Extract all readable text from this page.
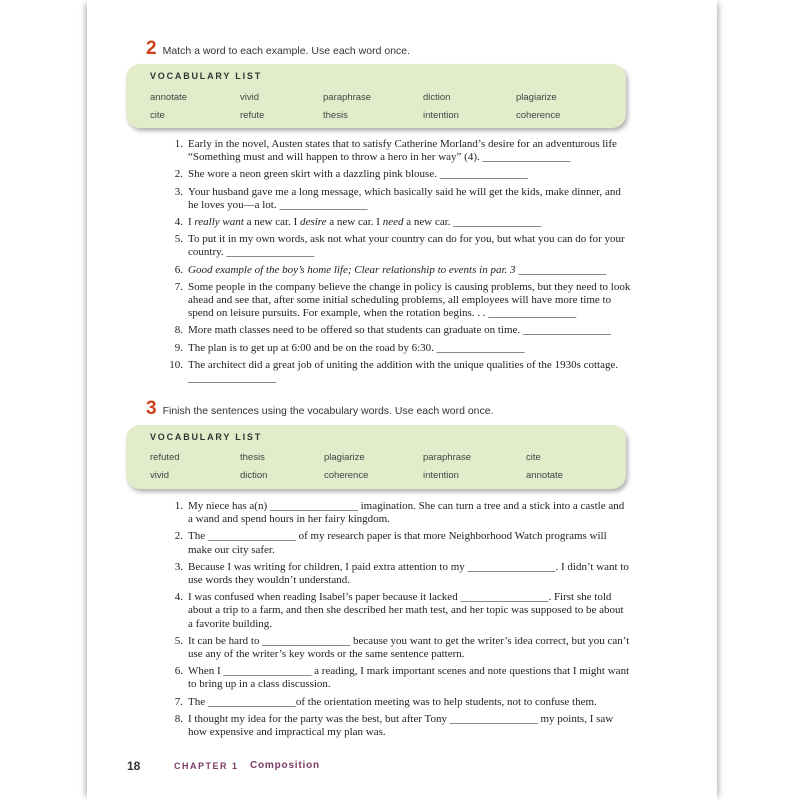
2 Match a word to each example. Use each word once.
VOCABULARY LIST
annotate	vivid	paraphrase	diction	plagiarize
cite	refute	thesis	intention	coherence
1. Early in the novel, Austen states that to satisfy Catherine Morland’s desire for an adventurous life “Something must and will happen to throw a hero in her way” (4). ________________
2. She wore a neon green skirt with a dazzling pink blouse. ________________
3. Your husband gave me a long message, which basically said he will get the kids, make dinner, and he loves you—a lot. ________________
4. I really want a new car. I desire a new car. I need a new car. ________________
5. To put it in my own words, ask not what your country can do for you, but what you can do for your country. ________________
6. Good example of the boy’s home life; Clear relationship to events in par. 3 ________________
7. Some people in the company believe the change in policy is causing problems, but they need to look ahead and see that, after some initial scheduling problems, all employees will have more time to spend on leisure pursuits. For example, when the rotation begins. . . ________________
8. More math classes need to be offered so that students can graduate on time. ________________
9. The plan is to get up at 6:00 and be on the road by 6:30. ________________
10. The architect did a great job of uniting the addition with the unique qualities of the 1930s cottage. ________________
3 Finish the sentences using the vocabulary words. Use each word once.
VOCABULARY LIST
refuted	thesis	plagiarize	paraphrase	cite
vivid	diction	coherence	intention	annotate
1. My niece has a(n) ________________ imagination. She can turn a tree and a stick into a castle and a wand and spend hours in her fairy kingdom.
2. The ________________ of my research paper is that more Neighborhood Watch programs will make our city safer.
3. Because I was writing for children, I paid extra attention to my ________________. I didn’t want to use words they wouldn’t understand.
4. I was confused when reading Isabel’s paper because it lacked ________________. First she told about a trip to a farm, and then she described her math test, and her topic was supposed to be about a favorite building.
5. It can be hard to ________________ because you want to get the writer’s idea correct, but you can’t use any of the writer’s key words or the same sentence pattern.
6. When I ________________ a reading, I mark important scenes and note questions that I might want to bring up in a class discussion.
7. The ________________of the orientation meeting was to help students, not to confuse them.
8. I thought my idea for the party was the best, but after Tony ________________ my points, I saw how expensive and impractical my plan was.
18	CHAPTER 1 Composition
